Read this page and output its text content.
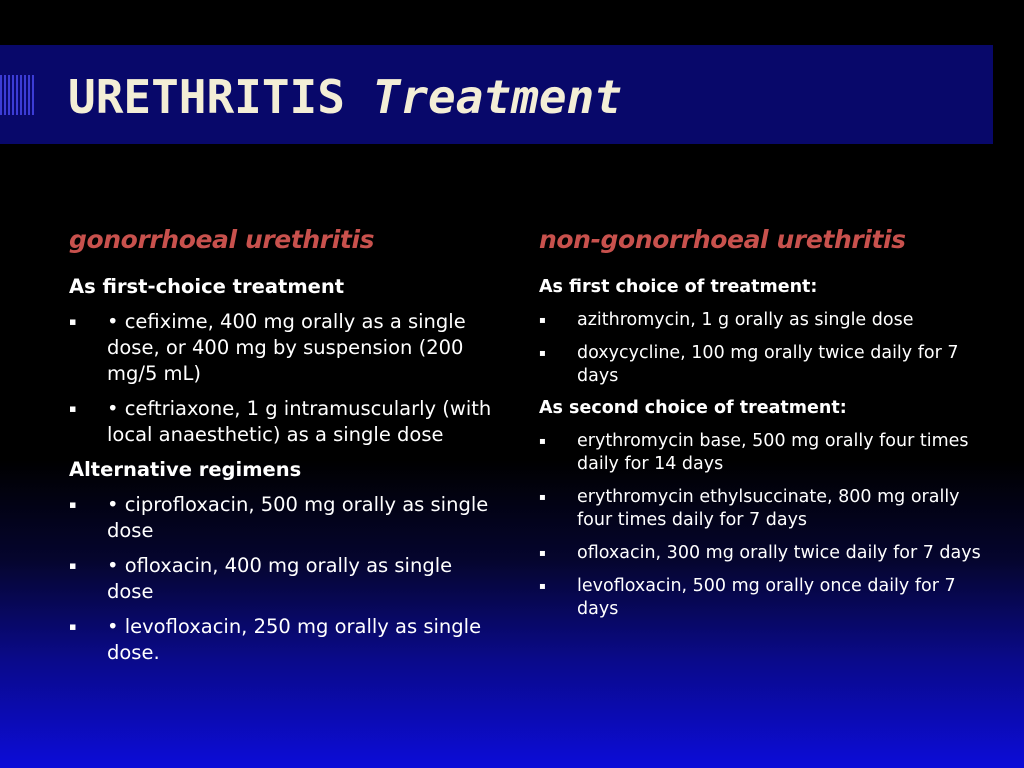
URETHRITIS Treatment
gonorrhoeal urethritis
As first-choice treatment
▪ • cefixime, 400 mg orally as a single dose, or 400 mg by suspension (200 mg/5 mL)
▪ • ceftriaxone, 1 g intramuscularly (with local anaesthetic) as a single dose
Alternative regimens
▪ • ciprofloxacin, 500 mg orally as single dose
▪ • ofloxacin, 400 mg orally as single dose
▪ • levofloxacin, 250 mg orally as single dose.
non-gonorrhoeal urethritis
As first choice of treatment:
▪ azithromycin, 1 g orally as single dose
▪ doxycycline, 100 mg orally twice daily for 7 days
As second choice of treatment:
▪ erythromycin base, 500 mg orally four times daily for 14 days
▪ erythromycin ethylsuccinate, 800 mg orally four times daily for 7 days
▪ ofloxacin, 300 mg orally twice daily for 7 days
▪ levofloxacin, 500 mg orally once daily for 7 days
